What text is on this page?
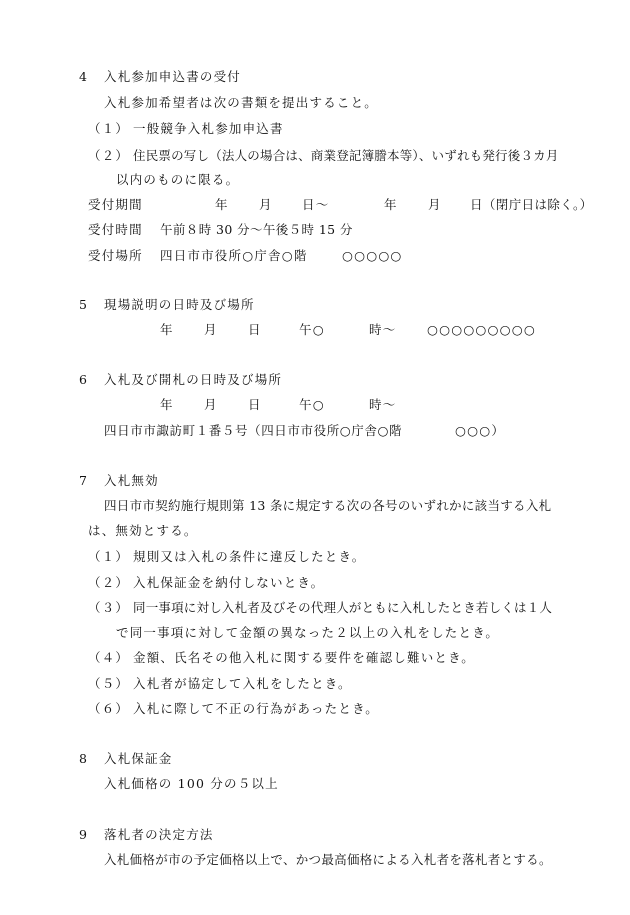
4 入札参加申込書の受付
入札参加希望者は次の書類を提出すること。
（１） 一般競争入札参加申込書
（２） 住民票の写し（法人の場合は、商業登記簿謄本等）、いずれも発行後３カ月
以内のものに限る。
受付期間	年 月 日〜	年 月 日（閉庁日は除く。）
受付時間 午前８時 30 分〜午後５時 15 分
受付場所 四日市市役所○庁舎○階	○○○○○
5 現場説明の日時及び場所
年 月 日	午○	時〜 ○○○○○○○○○
6 入札及び開札の日時及び場所
年 月 日	午○	時〜
四日市市諏訪町１番５号（四日市市役所○庁舎○階	○○○）
7 入札無効
四日市市契約施行規則第 13 条に規定する次の各号のいずれかに該当する入札
は、無効とする。
（１） 規則又は入札の条件に違反したとき。
（２） 入札保証金を納付しないとき。
（３） 同一事項に対し入札者及びその代理人がともに入札したとき若しくは１人
で同一事項に対して金額の異なった２以上の入札をしたとき。
（４） 金額、氏名その他入札に関する要件を確認し難いとき。
（５） 入札者が協定して入札をしたとき。
（６） 入札に際して不正の行為があったとき。
8 入札保証金
入札価格の 100 分の５以上
9 落札者の決定方法
入札価格が市の予定価格以上で、かつ最高価格による入札者を落札者とする。
